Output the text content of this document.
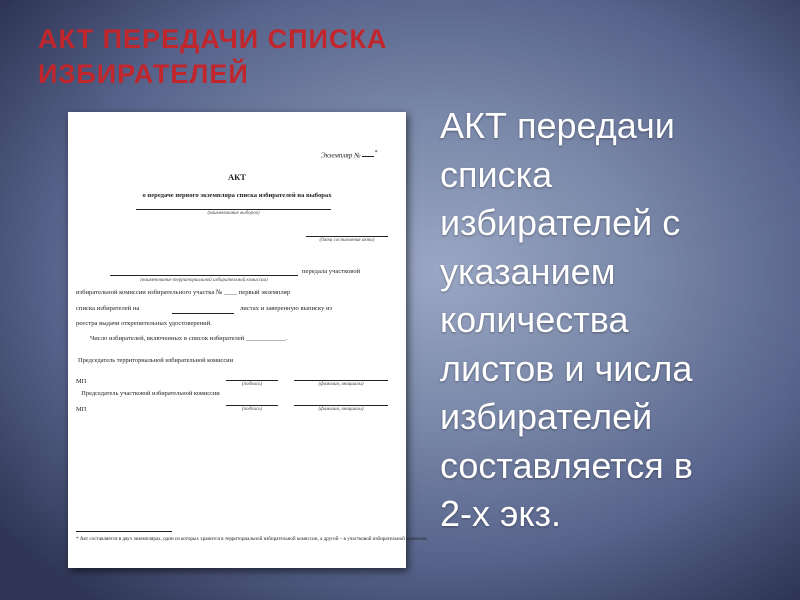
АКТ ПЕРЕДАЧИ СПИСКА
ИЗБИРАТЕЛЕЙ
Экземпляр № *
АКТ
о передаче первого экземпляра списка избирателей на выборах
(наименование выборов)
(дата составления акта)
передала участковой
(наименование территориальной избирательной комиссии)
избирательной комиссии избирательного участка № ____ первый экземпляр
списка избирателей на	листах и заверенную выписку из
реестра выдачи открепительных удостоверений.
Число избирателей, включенных в список избирателей ____________.
Председатель территориальной избирательной комиссии
МП	(подпись)	(фамилия, инициалы)
Председатель участковой избирательной комиссии
МП	(подпись)	(фамилия, инициалы)
* Акт составляется в двух экземплярах, один из которых хранится в территориальной избирательной комиссии, а другой – в участковой избирательной комиссии.
АКТ передачи
списка
избирателей с
указанием
количества
листов и числа
избирателей
составляется в
2-х экз.
